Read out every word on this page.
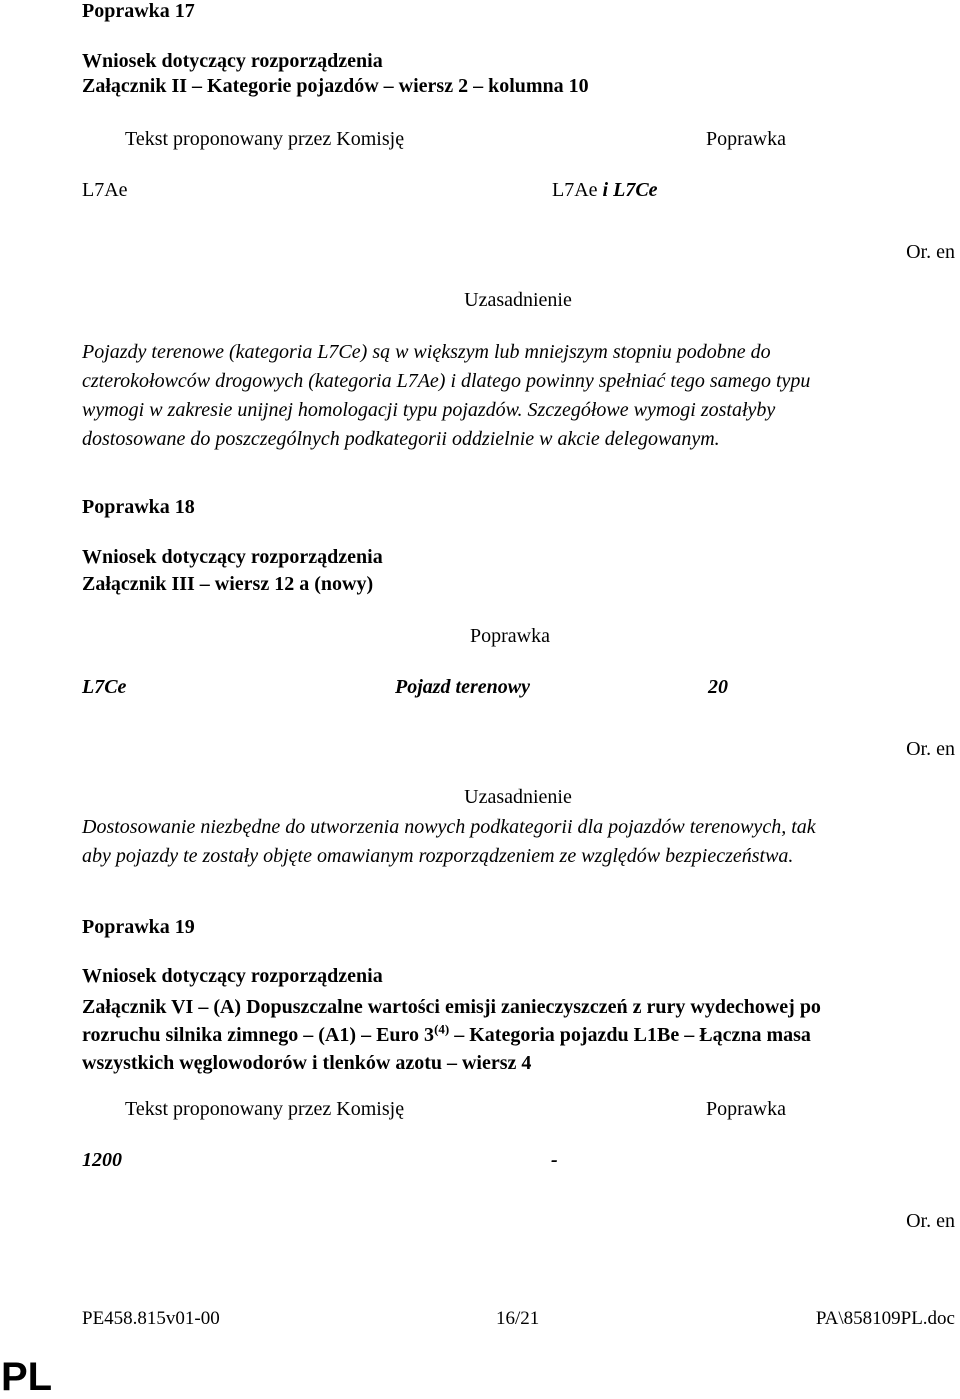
Poprawka 17
Wniosek dotyczący rozporządzenia
Załącznik II – Kategorie pojazdów – wiersz 2 – kolumna 10
Tekst proponowany przez Komisję	Poprawka
L7Ae	L7Ae i L7Ce
Or. en
Uzasadnienie
Pojazdy terenowe (kategoria L7Ce) są w większym lub mniejszym stopniu podobne do
czterokołowców drogowych (kategoria L7Ae) i dlatego powinny spełniać tego samego typu
wymogi w zakresie unijnej homologacji typu pojazdów. Szczegółowe wymogi zostałyby
dostosowane do poszczególnych podkategorii oddzielnie w akcie delegowanym.
Poprawka 18
Wniosek dotyczący rozporządzenia
Załącznik III – wiersz 12 a (nowy)
Poprawka
L7Ce	Pojazd terenowy	20
Or. en
Uzasadnienie
Dostosowanie niezbędne do utworzenia nowych podkategorii dla pojazdów terenowych, tak
aby pojazdy te zostały objęte omawianym rozporządzeniem ze względów bezpieczeństwa.
Poprawka 19
Wniosek dotyczący rozporządzenia
Załącznik VI – (A) Dopuszczalne wartości emisji zanieczyszczeń z rury wydechowej po
rozruchu silnika zimnego – (A1) – Euro 3$^{(4)}$ – Kategoria pojazdu L1Be – Łączna masa
wszystkich węglowodorów i tlenków azotu – wiersz 4
Tekst proponowany przez Komisję	Poprawka
1200	-
Or. en
PE458.815v01-00	16/21	PA\858109PL.doc
PL
